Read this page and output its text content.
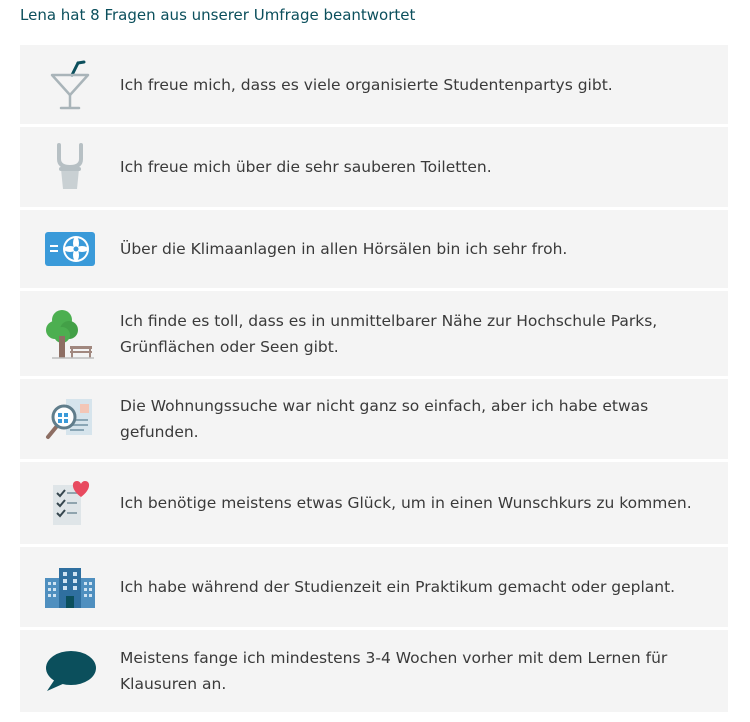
Lena hat 8 Fragen aus unserer Umfrage beantwortet
Ich freue mich, dass es viele organisierte Studentenpartys gibt.
Ich freue mich über die sehr sauberen Toiletten.
Über die Klimaanlagen in allen Hörsälen bin ich sehr froh.
Ich finde es toll, dass es in unmittelbarer Nähe zur Hochschule Parks, Grünflächen oder Seen gibt.
Die Wohnungssuche war nicht ganz so einfach, aber ich habe etwas gefunden.
Ich benötige meistens etwas Glück, um in einen Wunschkurs zu kommen.
Ich habe während der Studienzeit ein Praktikum gemacht oder geplant.
Meistens fange ich mindestens 3-4 Wochen vorher mit dem Lernen für Klausuren an.
